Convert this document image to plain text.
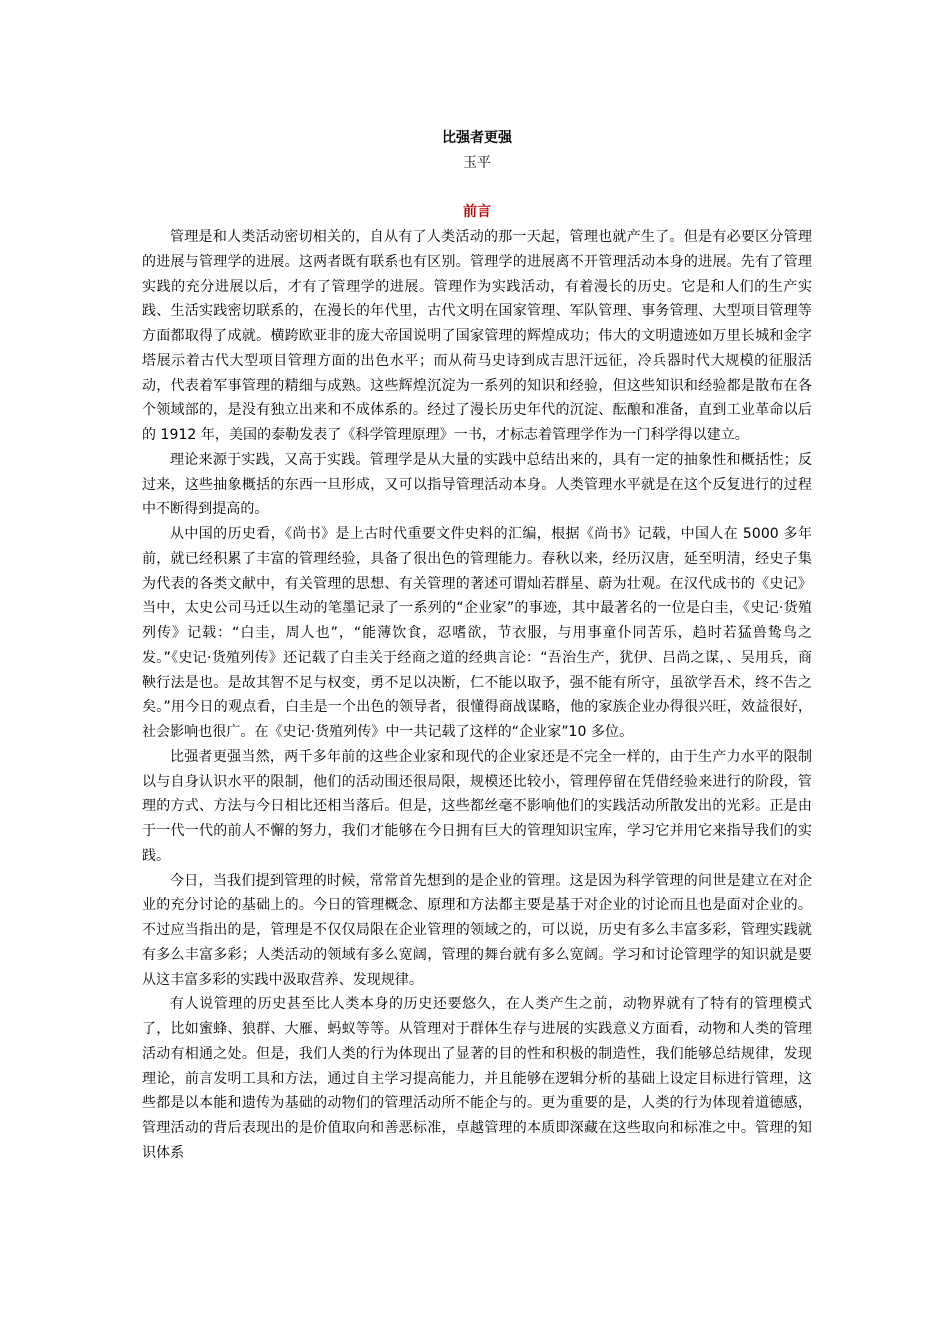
比强者更强
玉平
前言

管理是和人类活动密切相关的，自从有了人类活动的那一天起，管理也就产生了。但是有必要区分管理的进展与管理学的进展。这两者既有联系也有区别。管理学的进展离不开管理活动本身的进展。先有了管理实践的充分进展以后，才有了管理学的进展。管理作为实践活动，有着漫长的历史。它是和人们的生产实践、生活实践密切联系的，在漫长的年代里，古代文明在国家管理、军队管理、事务管理、大型项目管理等方面都取得了成就。横跨欧亚非的庞大帝国说明了国家管理的辉煌成功；伟大的文明遗迹如万里长城和金字塔展示着古代大型项目管理方面的出色水平；而从荷马史诗到成吉思汗远征，冷兵器时代大规模的征服活动，代表着军事管理的精细与成熟。这些辉煌沉淀为一系列的知识和经验，但这些知识和经验都是散布在各个领域部的，是没有独立出来和不成体系的。经过了漫长历史年代的沉淀、酝酿和准备，直到工业革命以后的 1912 年，美国的泰勒发表了《科学管理原理》一书，才标志着管理学作为一门科学得以建立。

理论来源于实践，又高于实践。管理学是从大量的实践中总结出来的，具有一定的抽象性和概括性；反过来，这些抽象概括的东西一旦形成，又可以指导管理活动本身。人类管理水平就是在这个反复进行的过程中不断得到提高的。

从中国的历史看，《尚书》是上古时代重要文件史料的汇编，根据《尚书》记载，中国人在 5000 多年前，就已经积累了丰富的管理经验，具备了很出色的管理能力。春秋以来，经历汉唐，延至明清，经史子集为代表的各类文献中，有关管理的思想、有关管理的著述可谓灿若群星、蔚为壮观。在汉代成书的《史记》当中，太史公司马迁以生动的笔墨记录了一系列的“企业家”的事迹，其中最著名的一位是白圭，《史记·货殖列传》记载：“白圭，周人也”，“能薄饮食，忍嗜欲，节衣服，与用事童仆同苦乐，趋时若猛兽鸷鸟之发。”《史记·货殖列传》还记载了白圭关于经商之道的经典言论：“吾治生产，犹伊、吕尚之谋，、吴用兵，商鞅行法是也。是故其智不足与权变，勇不足以决断，仁不能以取予，强不能有所守，虽欲学吾术，终不告之矣。”用今日的观点看，白圭是一个出色的领导者，很懂得商战谋略，他的家族企业办得很兴旺，效益很好，社会影响也很广。在《史记·货殖列传》中一共记载了这样的“企业家”10 多位。

比强者更强当然，两千多年前的这些企业家和现代的企业家还是不完全一样的，由于生产力水平的限制以与自身认识水平的限制，他们的活动围还很局限，规模还比较小，管理停留在凭借经验来进行的阶段，管理的方式、方法与今日相比还相当落后。但是，这些都丝毫不影响他们的实践活动所散发出的光彩。正是由于一代一代的前人不懈的努力，我们才能够在今日拥有巨大的管理知识宝库，学习它并用它来指导我们的实践。

今日，当我们提到管理的时候，常常首先想到的是企业的管理。这是因为科学管理的问世是建立在对企业的充分讨论的基础上的。今日的管理概念、原理和方法都主要是基于对企业的讨论而且也是面对企业的。不过应当指出的是，管理是不仅仅局限在企业管理的领域之的，可以说，历史有多么丰富多彩，管理实践就有多么丰富多彩；人类活动的领域有多么宽阔，管理的舞台就有多么宽阔。学习和讨论管理学的知识就是要从这丰富多彩的实践中汲取营养、发现规律。

有人说管理的历史甚至比人类本身的历史还要悠久，在人类产生之前，动物界就有了特有的管理模式了，比如蜜蜂、狼群、大雁、蚂蚁等等。从管理对于群体生存与进展的实践意义方面看，动物和人类的管理活动有相通之处。但是，我们人类的行为体现出了显著的目的性和积极的制造性，我们能够总结规律，发现理论，前言发明工具和方法，通过自主学习提高能力，并且能够在逻辑分析的基础上设定目标进行管理，这些都是以本能和遗传为基础的动物们的管理活动所不能企与的。更为重要的是，人类的行为体现着道德感，管理活动的背后表现出的是价值取向和善恶标准，卓越管理的本质即深藏在这些取向和标准之中。管理的知识体系
